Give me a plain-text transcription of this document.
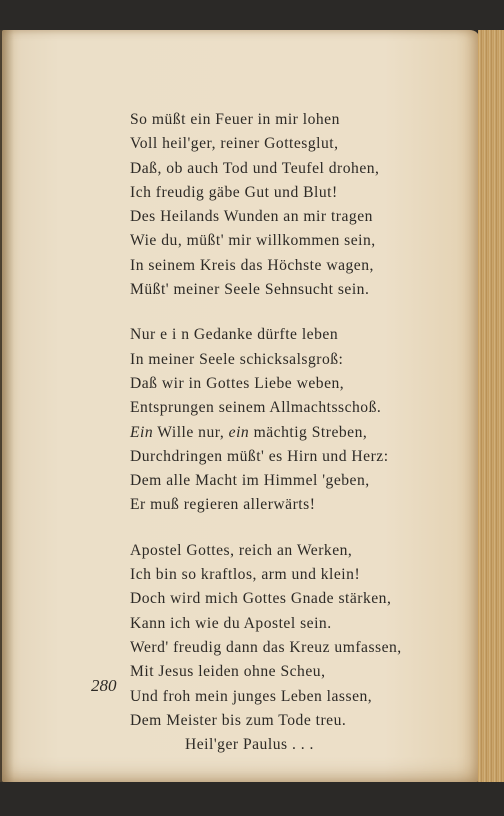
So müßt ein Feuer in mir lohen
Voll heil'ger, reiner Gottesglut,
Daß, ob auch Tod und Teufel drohen,
Ich freudig gäbe Gut und Blut!
Des Heilands Wunden an mir tragen
Wie du, müßt' mir willkommen sein,
In seinem Kreis das Höchste wagen,
Müßt' meiner Seele Sehnsucht sein.
Nur e i n Gedanke dürfte leben
In meiner Seele schicksalsgroß:
Daß wir in Gottes Liebe weben,
Entsprungen seinem Allmachtsschoß.
Ein Wille nur, ein mächtig Streben,
Durchdringen müßt' es Hirn und Herz:
Dem alle Macht im Himmel 'geben,
Er muß regieren allerwärts!
Apostel Gottes, reich an Werken,
Ich bin so kraftlos, arm und klein!
Doch wird mich Gottes Gnade stärken,
Kann ich wie du Apostel sein.
Werd' freudig dann das Kreuz umfassen,
Mit Jesus leiden ohne Scheu,
Und froh mein junges Leben lassen,
Dem Meister bis zum Tode treu.
Heil'ger Paulus . . .
280
